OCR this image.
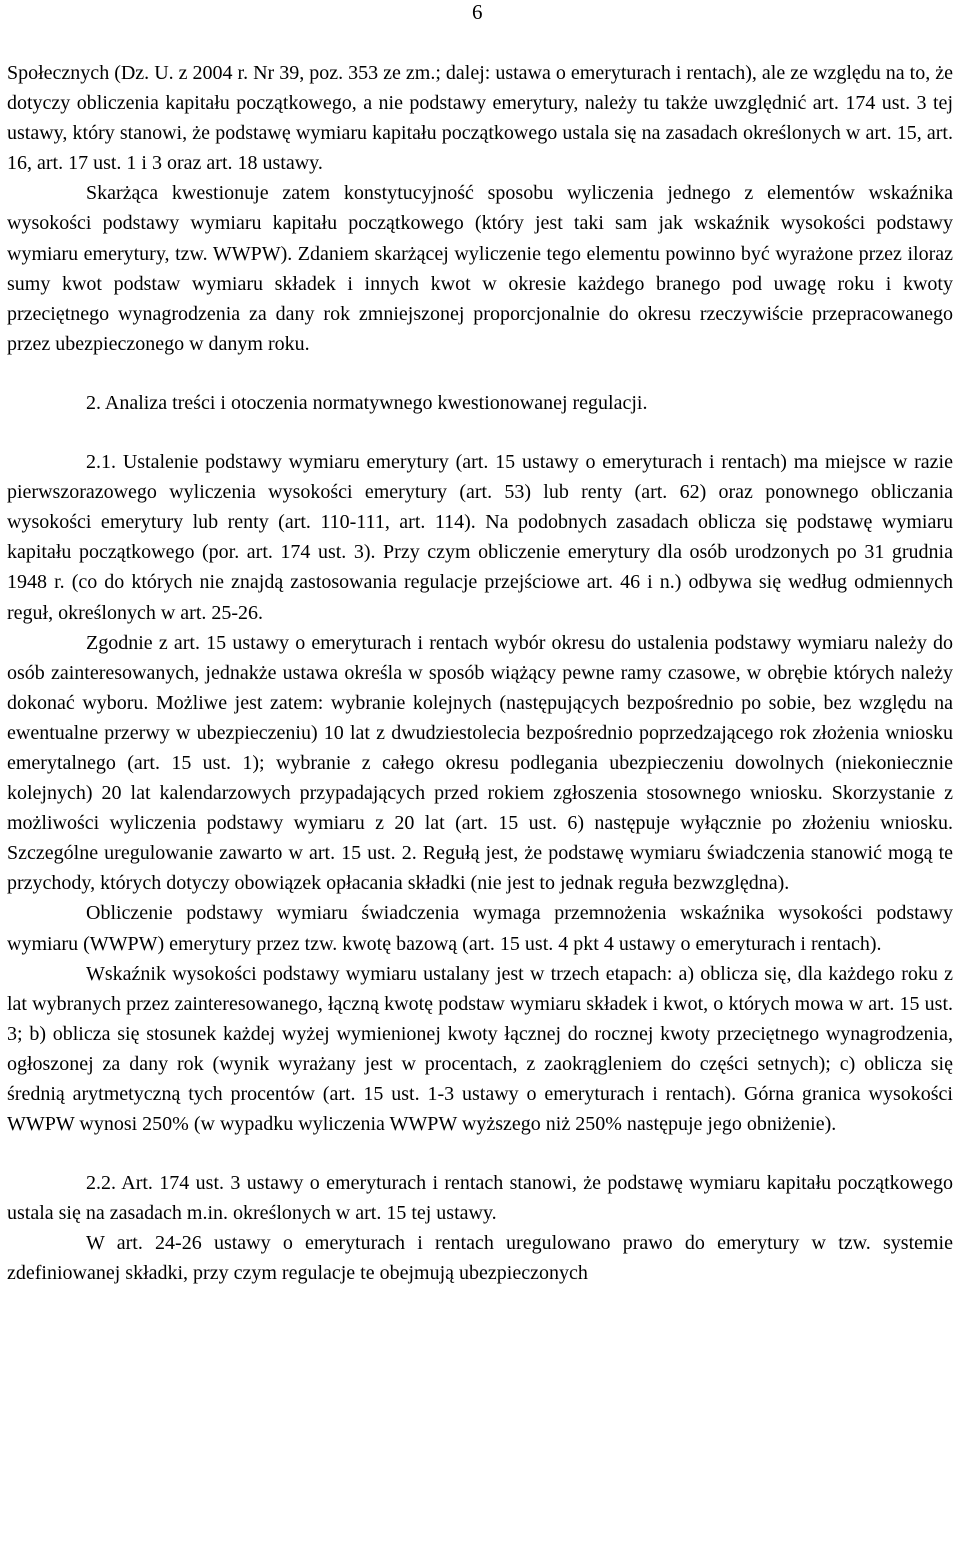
6

Społecznych (Dz. U. z 2004 r. Nr 39, poz. 353 ze zm.; dalej: ustawa o emeryturach i rentach), ale ze względu na to, że dotyczy obliczenia kapitału początkowego, a nie podstawy emerytury, należy tu także uwzględnić art. 174 ust. 3 tej ustawy, który stanowi, że podstawę wymiaru kapitału początkowego ustala się na zasadach określonych w art. 15, art. 16, art. 17 ust. 1 i 3 oraz art. 18 ustawy.

Skarżąca kwestionuje zatem konstytucyjność sposobu wyliczenia jednego z elementów wskaźnika wysokości podstawy wymiaru kapitału początkowego (który jest taki sam jak wskaźnik wysokości podstawy wymiaru emerytury, tzw. WWPW). Zdaniem skarżącej wyliczenie tego elementu powinno być wyrażone przez iloraz sumy kwot podstaw wymiaru składek i innych kwot w okresie każdego branego pod uwagę roku i kwoty przeciętnego wynagrodzenia za dany rok zmniejszonej proporcjonalnie do okresu rzeczywiście przepracowanego przez ubezpieczonego w danym roku.

2. Analiza treści i otoczenia normatywnego kwestionowanej regulacji.

2.1. Ustalenie podstawy wymiaru emerytury (art. 15 ustawy o emeryturach i rentach) ma miejsce w razie pierwszorazowego wyliczenia wysokości emerytury (art. 53) lub renty (art. 62) oraz ponownego obliczania wysokości emerytury lub renty (art. 110-111, art. 114). Na podobnych zasadach oblicza się podstawę wymiaru kapitału początkowego (por. art. 174 ust. 3). Przy czym obliczenie emerytury dla osób urodzonych po 31 grudnia 1948 r. (co do których nie znajdą zastosowania regulacje przejściowe art. 46 i n.) odbywa się według odmiennych reguł, określonych w art. 25-26.

Zgodnie z art. 15 ustawy o emeryturach i rentach wybór okresu do ustalenia podstawy wymiaru należy do osób zainteresowanych, jednakże ustawa określa w sposób wiążący pewne ramy czasowe, w obrębie których należy dokonać wyboru. Możliwe jest zatem: wybranie kolejnych (następujących bezpośrednio po sobie, bez względu na ewentualne przerwy w ubezpieczeniu) 10 lat z dwudziestolecia bezpośrednio poprzedzającego rok złożenia wniosku emerytalnego (art. 15 ust. 1); wybranie z całego okresu podlegania ubezpieczeniu dowolnych (niekoniecznie kolejnych) 20 lat kalendarzowych przypadających przed rokiem zgłoszenia stosownego wniosku. Skorzystanie z możliwości wyliczenia podstawy wymiaru z 20 lat (art. 15 ust. 6) następuje wyłącznie po złożeniu wniosku. Szczególne uregulowanie zawarto w art. 15 ust. 2. Regułą jest, że podstawę wymiaru świadczenia stanowić mogą te przychody, których dotyczy obowiązek opłacania składki (nie jest to jednak reguła bezwzględna).

Obliczenie podstawy wymiaru świadczenia wymaga przemnożenia wskaźnika wysokości podstawy wymiaru (WWPW) emerytury przez tzw. kwotę bazową (art. 15 ust. 4 pkt 4 ustawy o emeryturach i rentach).

Wskaźnik wysokości podstawy wymiaru ustalany jest w trzech etapach: a) oblicza się, dla każdego roku z lat wybranych przez zainteresowanego, łączną kwotę podstaw wymiaru składek i kwot, o których mowa w art. 15 ust. 3; b) oblicza się stosunek każdej wyżej wymienionej kwoty łącznej do rocznej kwoty przeciętnego wynagrodzenia, ogłoszonej za dany rok (wynik wyrażany jest w procentach, z zaokrągleniem do części setnych); c) oblicza się średnią arytmetyczną tych procentów (art. 15 ust. 1-3 ustawy o emeryturach i rentach). Górna granica wysokości WWPW wynosi 250% (w wypadku wyliczenia WWPW wyższego niż 250% następuje jego obniżenie).

2.2. Art. 174 ust. 3 ustawy o emeryturach i rentach stanowi, że podstawę wymiaru kapitału początkowego ustala się na zasadach m.in. określonych w art. 15 tej ustawy.

W art. 24-26 ustawy o emeryturach i rentach uregulowano prawo do emerytury w tzw. systemie zdefiniowanej składki, przy czym regulacje te obejmują ubezpieczonych
